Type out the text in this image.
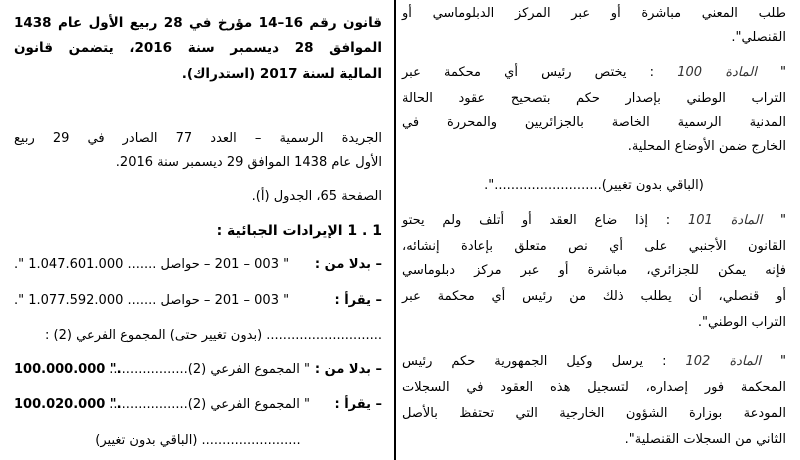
طلب المعني مباشرة أو عبر المركز الدبلوماسي أو
القنصلي".
" المادة 100 : يختص رئيس أي محكمة عبر
التراب الوطني بإصدار حكم بتصحيح عقود الحالة
المدنية الرسمية الخاصة بالجزائريين والمحررة في
الخارج ضمن الأوضاع المحلية.
(الباقي بدون تغيير)..........................".
" المادة 101 : إذا ضاع العقد أو أتلف ولم يحتو
القانون الأجنبي على أي نص متعلق بإعادة إنشائه،
فإنه يمكن للجزائري، مباشرة أو عبر مركز دبلوماسي
أو قنصلي، أن يطلب ذلك من رئيس أي محكمة عبر
التراب الوطني".
" المادة 102 : يرسل وكيل الجمهورية حكم رئيس
المحكمة فور إصداره، لتسجيل هذه العقود في السجلات
المودعة بوزارة الشؤون الخارجية التي تحتفظ بالأصل
الثاني من السجلات القنصلية".
قانون رقم 16–14 مؤرخ في 28 ربيع الأول عام 1438
الموافق 28 ديسمبر سنة 2016، يتضمن قانون
المالية لسنة 2017 (استدراك).
الجريدة الرسمية – العدد 77 الصادر في 29 ربيع
الأول عام 1438 الموافق 29 ديسمبر سنة 2016.
الصفحة 65، الجدول (أ).
1 . 1 الإيرادات الجبائية :
– بدلا من :
" 003 – 201 – حواصل ....... 1.047.601.000 ".
– يقرأ :
" 003 – 201 – حواصل ....... 1.077.592.000 ".
............................ (بدون تغيير حتى) المجموع الفرعي (2) :
– بدلا من :
" المجموع الفرعي (2)...................
100.000.000 ".
– يقرأ :
" المجموع الفرعي (2)...................
100.020.000 ".
........................ (الباقي بدون تغيير)
